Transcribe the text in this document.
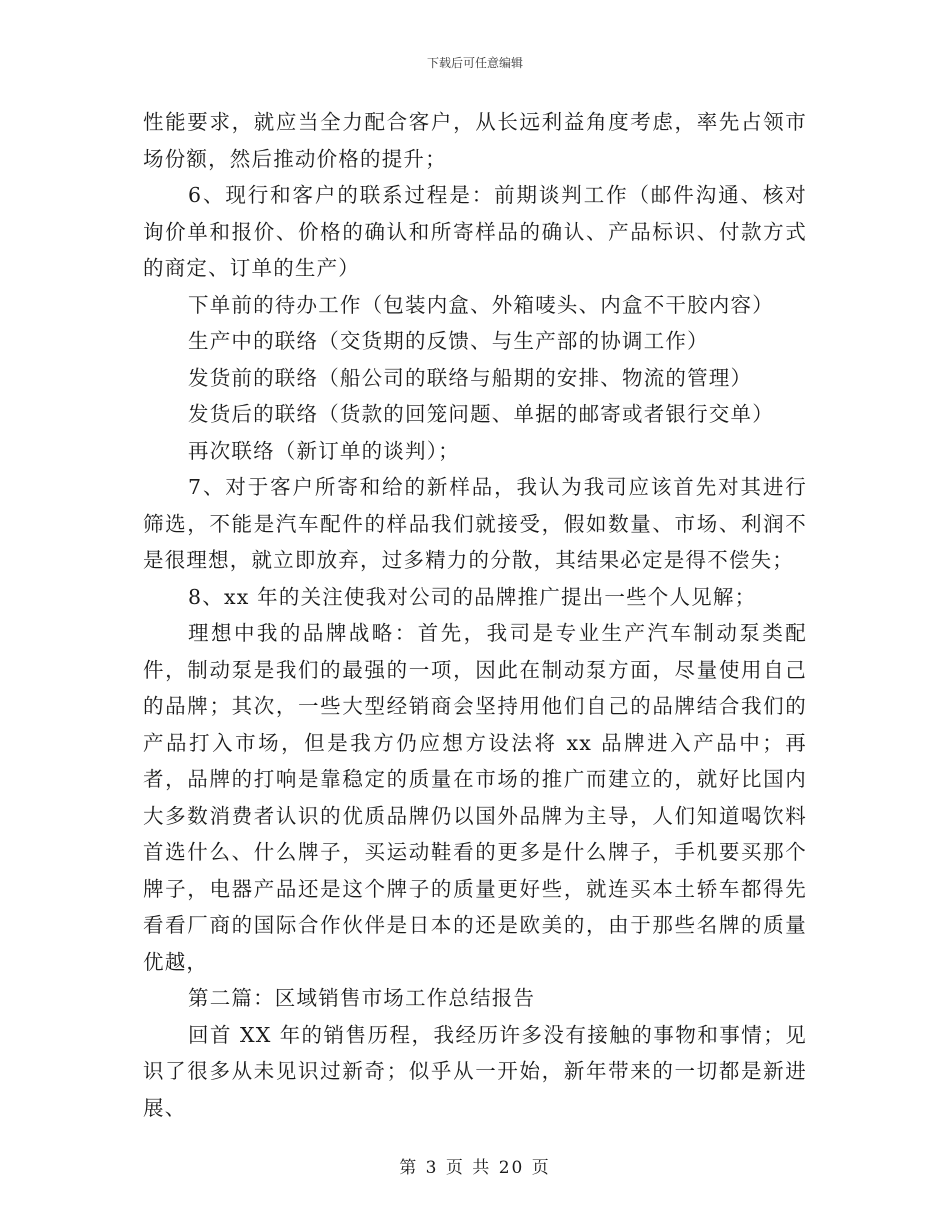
下载后可任意编辑

性能要求，就应当全力配合客户，从长远利益角度考虑，率先占领市场份额，然后推动价格的提升；

6、现行和客户的联系过程是：前期谈判工作（邮件沟通、核对询价单和报价、价格的确认和所寄样品的确认、产品标识、付款方式的商定、订单的生产）

下单前的待办工作（包装内盒、外箱唛头、内盒不干胶内容）

生产中的联络（交货期的反馈、与生产部的协调工作）

发货前的联络（船公司的联络与船期的安排、物流的管理）

发货后的联络（货款的回笼问题、单据的邮寄或者银行交单）

再次联络（新订单的谈判）；

7、对于客户所寄和给的新样品，我认为我司应该首先对其进行筛选，不能是汽车配件的样品我们就接受，假如数量、市场、利润不是很理想，就立即放弃，过多精力的分散，其结果必定是得不偿失；

8、xx 年的关注使我对公司的品牌推广提出一些个人见解；

理想中我的品牌战略：首先，我司是专业生产汽车制动泵类配件，制动泵是我们的最强的一项，因此在制动泵方面，尽量使用自己的品牌；其次，一些大型经销商会坚持用他们自己的品牌结合我们的产品打入市场，但是我方仍应想方设法将 xx 品牌进入产品中；再者，品牌的打响是靠稳定的质量在市场的推广而建立的，就好比国内大多数消费者认识的优质品牌仍以国外品牌为主导，人们知道喝饮料首选什么、什么牌子，买运动鞋看的更多是什么牌子，手机要买那个牌子，电器产品还是这个牌子的质量更好些，就连买本土轿车都得先看看厂商的国际合作伙伴是日本的还是欧美的，由于那些名牌的质量优越，

第二篇：区域销售市场工作总结报告

回首 XX 年的销售历程，我经历许多没有接触的事物和事情；见识了很多从未见识过新奇；似乎从一开始，新年带来的一切都是新进展、

第 3 页 共 20 页
